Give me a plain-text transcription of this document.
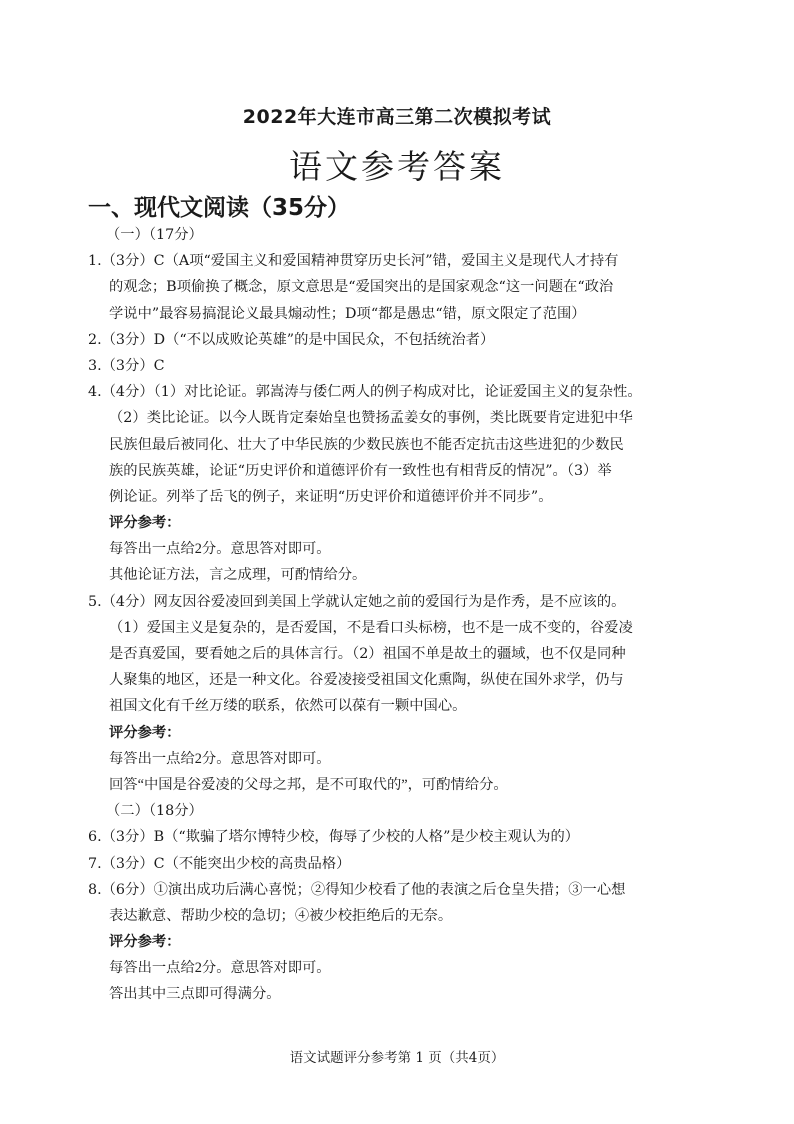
2022年大连市高三第二次模拟考试
语文参考答案
一、现代文阅读（35分）
（一）（17分）
1.（3分）C（A项“爱国主义和爱国精神贯穿历史长河”错，爱国主义是现代人才持有
的观念；B项偷换了概念，原文意思是“爱国突出的是国家观念“这一问题在“政治
学说中”最容易搞混论义最具煽动性；D项“都是愚忠“错，原文限定了范围）
2.（3分）D（“不以成败论英雄”的是中国民众，不包括统治者）
3.（3分）C
4.（4分）（1）对比论证。郭嵩涛与倭仁两人的例子构成对比，论证爱国主义的复杂性。
（2）类比论证。以今人既肯定秦始皇也赞扬孟姜女的事例，类比既要肯定进犯中华
民族但最后被同化、壮大了中华民族的少数民族也不能否定抗击这些进犯的少数民
族的民族英雄，论证“历史评价和道德评价有一致性也有相背反的情况”。（3）举
例论证。列举了岳飞的例子，来证明“历史评价和道德评价并不同步”。
评分参考：
每答出一点给2分。意思答对即可。
其他论证方法，言之成理，可酌情给分。
5.（4分）网友因谷爱凌回到美国上学就认定她之前的爱国行为是作秀，是不应该的。
（1）爱国主义是复杂的，是否爱国，不是看口头标榜，也不是一成不变的，谷爱凌
是否真爱国，要看她之后的具体言行。（2）祖国不单是故土的疆域，也不仅是同种
人聚集的地区，还是一种文化。谷爱凌接受祖国文化熏陶，纵使在国外求学，仍与
祖国文化有千丝万缕的联系，依然可以葆有一颗中国心。
评分参考：
每答出一点给2分。意思答对即可。
回答“中国是谷爱凌的父母之邦，是不可取代的”，可酌情给分。
（二）（18分）
6.（3分）B（“欺骗了塔尔博特少校，侮辱了少校的人格”是少校主观认为的）
7.（3分）C（不能突出少校的高贵品格）
8.（6分）①演出成功后满心喜悦；②得知少校看了他的表演之后仓皇失措；③一心想
表达歉意、帮助少校的急切；④被少校拒绝后的无奈。
评分参考：
每答出一点给2分。意思答对即可。
答出其中三点即可得满分。
语文试题评分参考第 1 页（共4页）
